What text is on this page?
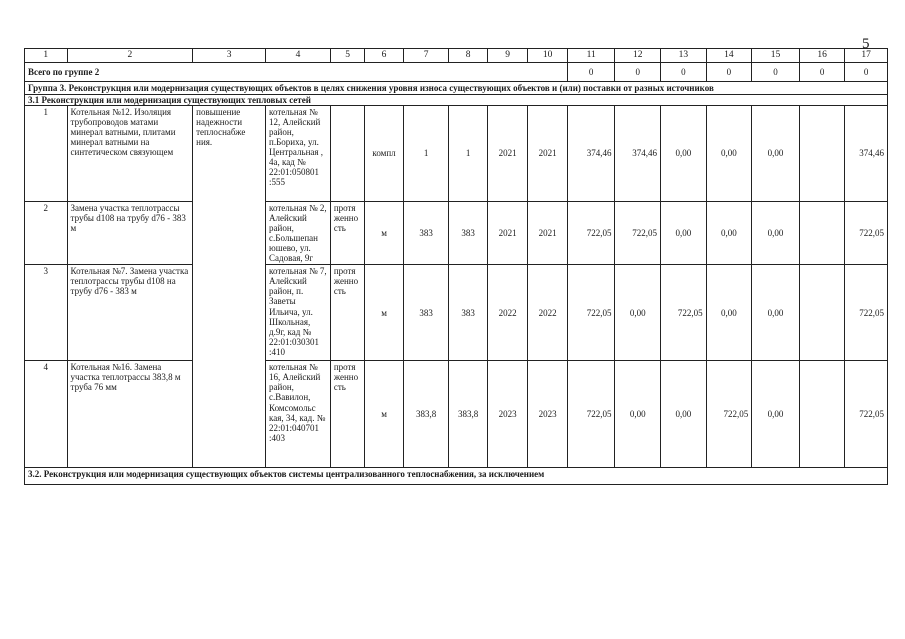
5
1	2	3	4	5	6	7	8	9	10	11	12	13	14	15	16	17
Всего по группе 2										0	0	0	0	0	0	0
Группа 3. Реконструкция или модернизация существующих объектов в целях снижения уровня износа существующих объектов и (или) поставки от разных источников																
3.1 Реконструкция или модернизация существующих тепловых сетей																
1	Котельная №12. Изоляция трубопроводов матами минерал ватными, плитами минерал ватными на синтетическом связующем	повышение надежности теплоснабже ния.	котельная № 12, Алейский район, п.Бориха, ул. Центральная , 4а, кад № 22:01:050801 :555		компл	1	1	2021	2021	374,46	374,46	0,00	0,00	0,00		374,46
2	Замена участка теплотрассы трубы d108 на трубу d76 - 383 м		котельная № 2, Алейский район, с.Большепан юшево, ул. Садовая, 9г	протя женно сть	м	383	383	2021	2021	722,05	722,05	0,00	0,00	0,00		722,05
3	Котельная №7. Замена участка теплотрассы трубы d108 на трубу d76 - 383 м		котельная № 7, Алейский район, п. Заветы Ильича, ул. Школьная, д.9г, кад № 22:01:030301 :410	протя женно сть	м	383	383	2022	2022	722,05	0,00	722,05	0,00	0,00		722,05
4	Котельная №16. Замена участка теплотрассы 383,8 м труба 76 мм		котельная № 16, Алейский район, с.Вавилон, Комсомольс кая, 34, кад. № 22:01:040701 :403	протя женно сть	м	383,8	383,8	2023	2023	722,05	0,00	0,00	722,05	0,00		722,05
3.2. Реконструкция или модернизация существующих объектов системы централизованного теплоснабжения, за исключением																
